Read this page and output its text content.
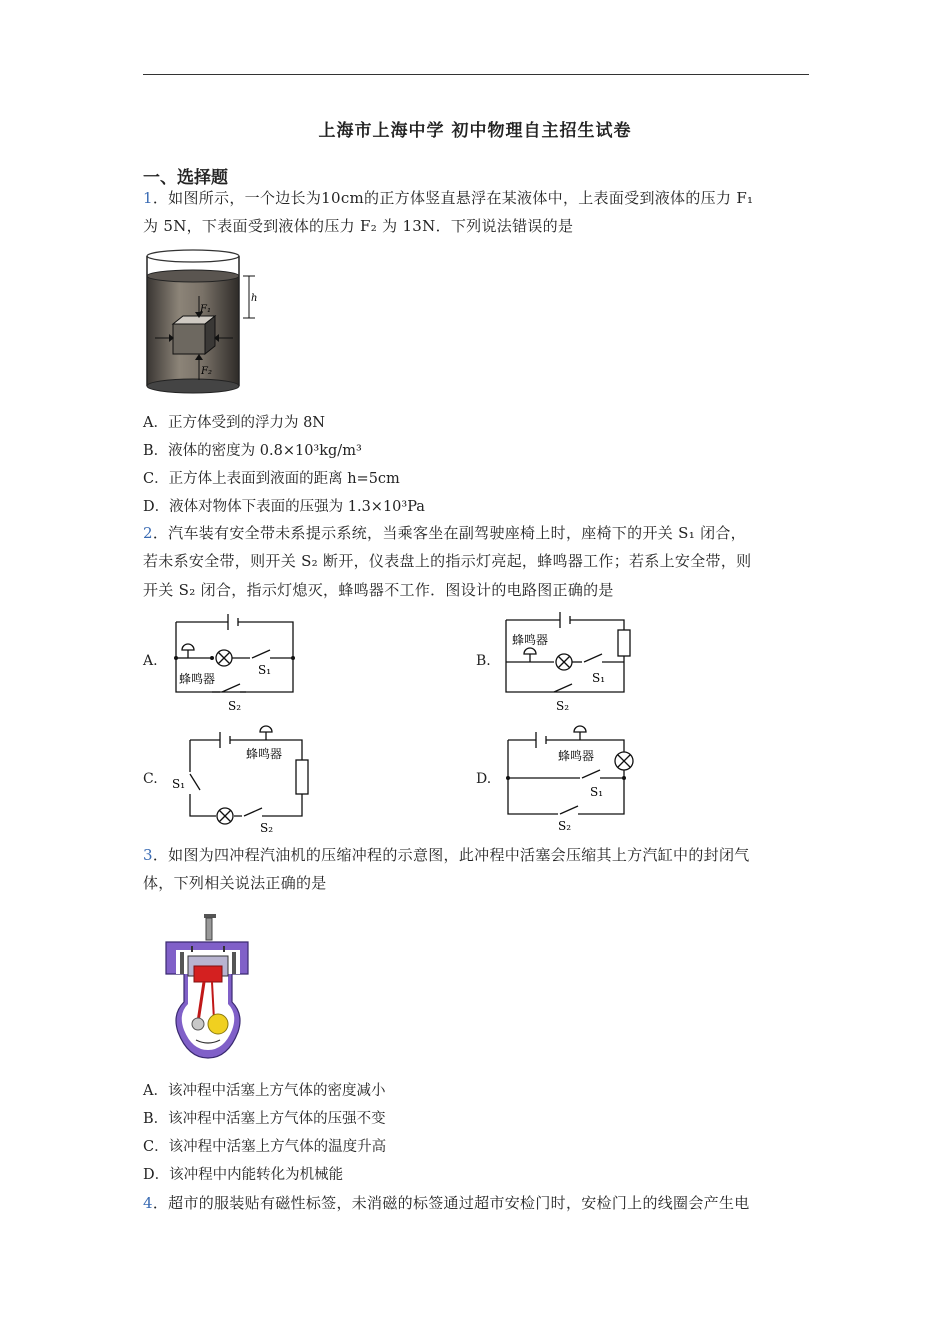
上海市上海中学 初中物理自主招生试卷
一、选择题
1．如图所示，一个边长为10cm的正方体竖直悬浮在某液体中，上表面受到液体的压力 F₁
为 5N，下表面受到液体的压力 F₂ 为 13N．下列说法错误的是
F₁
F₂
h
A．正方体受到的浮力为 8N
B．液体的密度为 0.8×10³kg/m³
C．正方体上表面到液面的距离 h=5cm
D．液体对物体下表面的压强为 1.3×10³Pa
2．汽车装有安全带未系提示系统，当乘客坐在副驾驶座椅上时，座椅下的开关 S₁ 闭合，
若未系安全带，则开关 S₂ 断开，仪表盘上的指示灯亮起，蜂鸣器工作；若系上安全带，则
开关 S₂ 闭合，指示灯熄灭，蜂鸣器不工作．图设计的电路图正确的是
A.
蜂鸣器
S₁
S₂
B.
蜂鸣器
S₁
S₂
C.
蜂鸣器
S₁
S₂
D.
蜂鸣器
S₁
S₂
3．如图为四冲程汽油机的压缩冲程的示意图，此冲程中活塞会压缩其上方汽缸中的封闭气
体，下列相关说法正确的是
A．该冲程中活塞上方气体的密度减小
B．该冲程中活塞上方气体的压强不变
C．该冲程中活塞上方气体的温度升高
D．该冲程中内能转化为机械能
4．超市的服装贴有磁性标签，未消磁的标签通过超市安检门时，安检门上的线圈会产生电
